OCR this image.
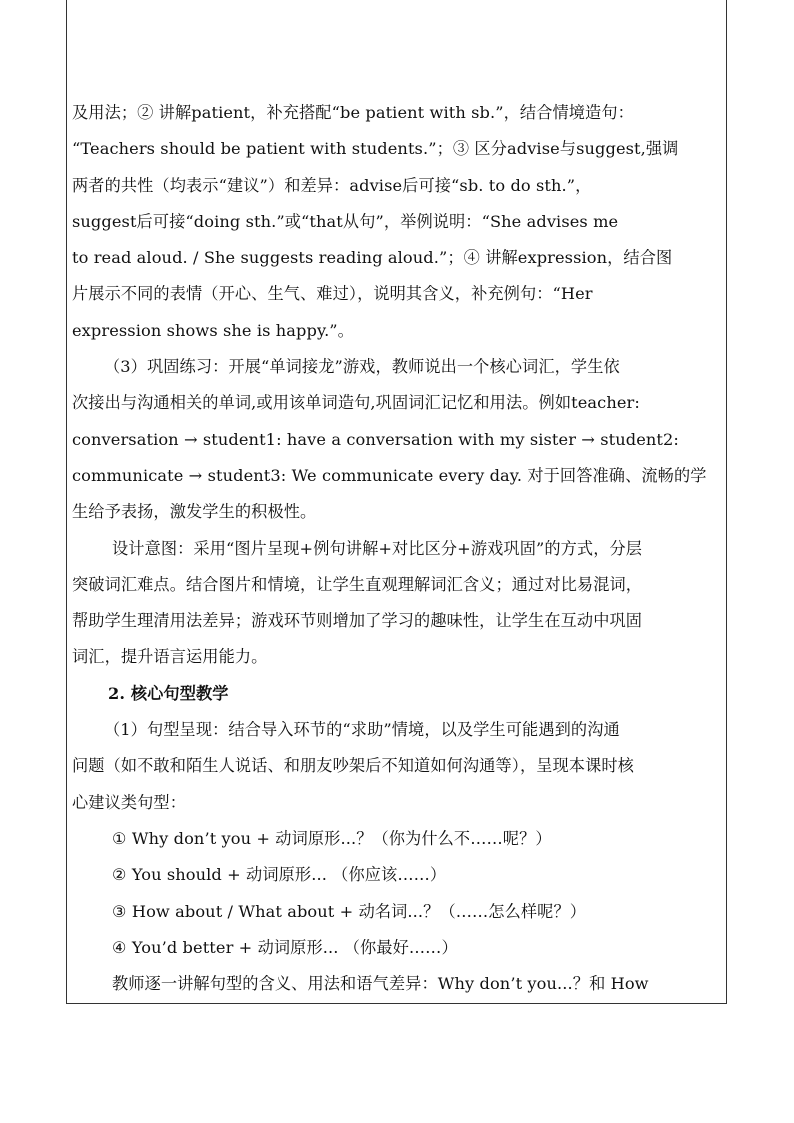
及用法；② 讲解patient，补充搭配“be patient with sb.”，结合情境造句：

“Teachers should be patient with students.”；③ 区分advise与suggest,强调

两者的共性（均表示“建议”）和差异：advise后可接“sb. to do sth.”，

suggest后可接“doing sth.”或“that从句”，举例说明：“She advises me

to read aloud. / She suggests reading aloud.”；④ 讲解expression，结合图

片展示不同的表情（开心、生气、难过），说明其含义，补充例句：“Her

expression shows she is happy.”。

（3）巩固练习：开展“单词接龙”游戏，教师说出一个核心词汇，学生依

次接出与沟通相关的单词,或用该单词造句,巩固词汇记忆和用法。例如teacher:

conversation → student1: have a conversation with my sister → student2:

communicate → student3: We communicate every day. 对于回答准确、流畅的学

生给予表扬，激发学生的积极性。

设计意图：采用“图片呈现+例句讲解+对比区分+游戏巩固”的方式，分层

突破词汇难点。结合图片和情境，让学生直观理解词汇含义；通过对比易混词，

帮助学生理清用法差异；游戏环节则增加了学习的趣味性，让学生在互动中巩固

词汇，提升语言运用能力。

2. 核心句型教学

（1）句型呈现：结合导入环节的“求助”情境，以及学生可能遇到的沟通

问题（如不敢和陌生人说话、和朋友吵架后不知道如何沟通等），呈现本课时核

心建议类句型：

① Why don’t you + 动词原形...？（你为什么不……呢？）

② You should + 动词原形... （你应该……）

③ How about / What about + 动名词...？（……怎么样呢？）

④ You’d better + 动词原形... （你最好……）

教师逐一讲解句型的含义、用法和语气差异：Why don’t you...？和 How
